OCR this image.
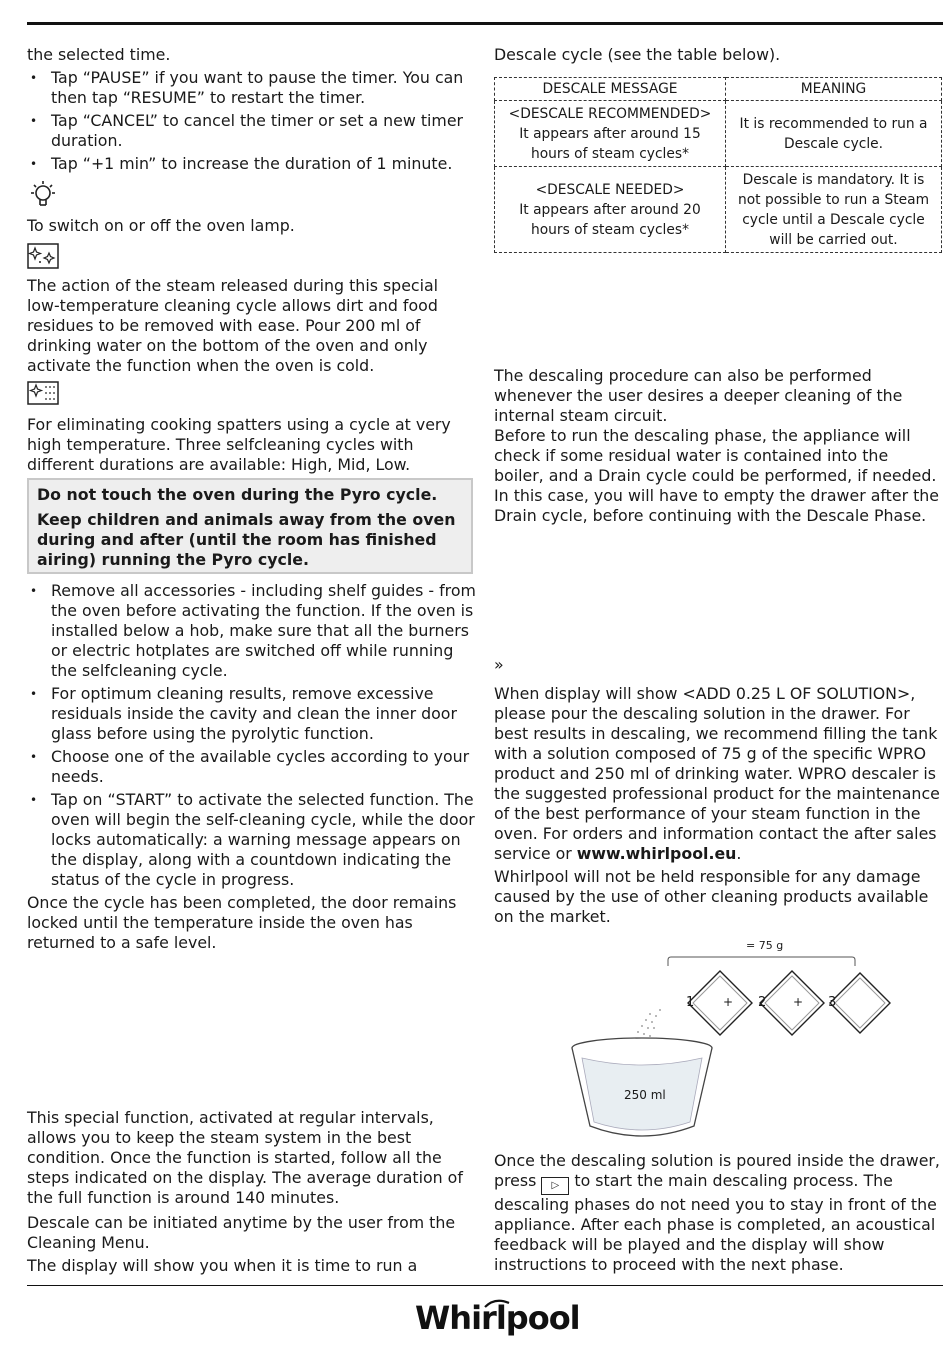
the selected time.

• Tap “PAUSE” if you want to pause the timer. You can then tap “RESUME” to restart the timer.
• Tap “CANCEL” to cancel the timer or set a new timer duration.
• Tap “+1 min” to increase the duration of 1 minute.

To switch on or off the oven lamp.

The action of the steam released during this special low-temperature cleaning cycle allows dirt and food residues to be removed with ease. Pour 200 ml of drinking water on the bottom of the oven and only activate the function when the oven is cold.

For eliminating cooking spatters using a cycle at very high temperature. Three selfcleaning cycles with different durations are available: High, Mid, Low.

Do not touch the oven during the Pyro cycle.

Keep children and animals away from the oven during and after (until the room has finished airing) running the Pyro cycle.

• Remove all accessories - including shelf guides - from the oven before activating the function. If the oven is installed below a hob, make sure that all the burners or electric hotplates are switched off while running the selfcleaning cycle.
• For optimum cleaning results, remove excessive residuals inside the cavity and clean the inner door glass before using the pyrolytic function.
• Choose one of the available cycles according to your needs.
• Tap on “START” to activate the selected function. The oven will begin the self-cleaning cycle, while the door locks automatically: a warning message appears on the display, along with a countdown indicating the status of the cycle in progress.

Once the cycle has been completed, the door remains locked until the temperature inside the oven has returned to a safe level.

This special function, activated at regular intervals, allows you to keep the steam system in the best condition. Once the function is started, follow all the steps indicated on the display. The average duration of the full function is around 140 minutes.

Descale can be initiated anytime by the user from the Cleaning Menu.

The display will show you when it is time to run a

Descale cycle (see the table below).

DESCALE MESSAGE	MEANING

<DESCALE RECOMMENDED>
It appears after around 15 hours of steam cycles*	It is recommended to run a Descale cycle.

<DESCALE NEEDED>
It appears after around 20 hours of steam cycles*	Descale is mandatory. It is not possible to run a Steam cycle until a Descale cycle will be carried out.

The descaling procedure can also be performed whenever the user desires a deeper cleaning of the internal steam circuit.

Before to run the descaling phase, the appliance will check if some residual water is contained into the boiler, and a Drain cycle could be performed, if needed. In this case, you will have to empty the drawer after the Drain cycle, before continuing with the Descale Phase.

»

When display will show <ADD 0.25 L OF SOLUTION>, please pour the descaling solution in the drawer. For best results in descaling, we recommend filling the tank with a solution composed of 75 g of the specific WPRO product and 250 ml of drinking water. WPRO descaler is the suggested professional product for the maintenance of the best performance of your steam function in the oven. For orders and information contact the after sales service or www.whirlpool.eu.

Whirlpool will not be held responsible for any damage caused by the use of other cleaning products available on the market.

250 ml
= 75 g
1	2	3
+	+

Once the descaling solution is poured inside the drawer, press ▷ to start the main descaling process. The descaling phases do not need you to stay in front of the appliance. After each phase is completed, an acoustical feedback will be played and the display will show instructions to proceed with the next phase.

Whirlpool
